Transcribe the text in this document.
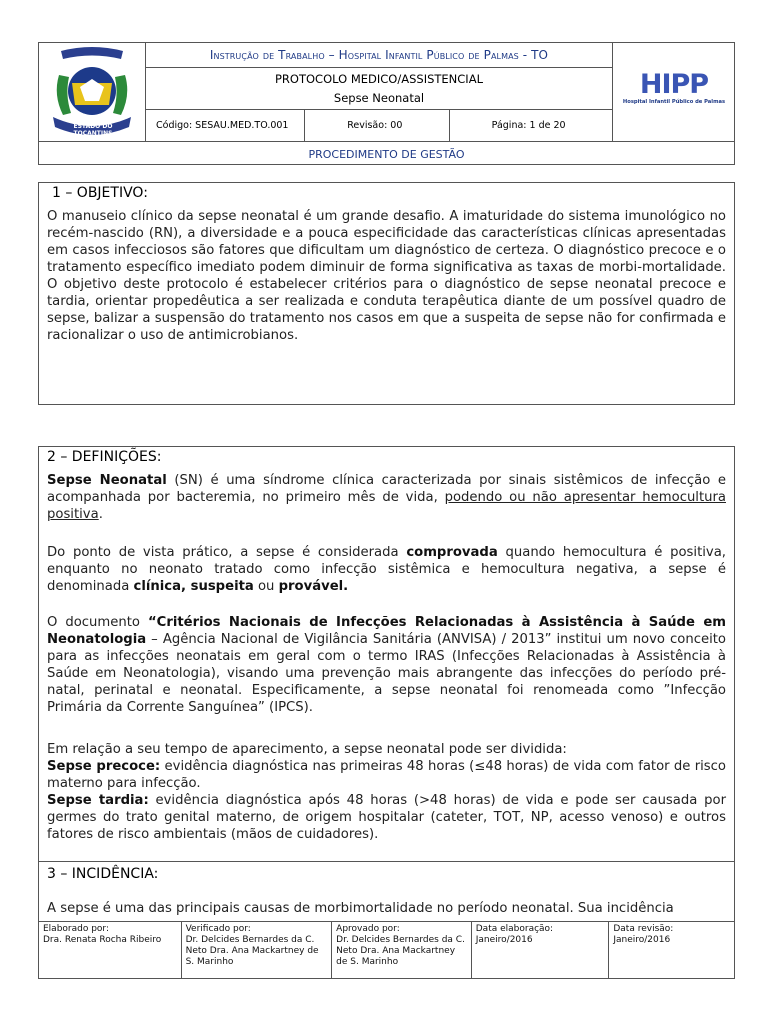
ESTADO DO TOCANTINS
Instrução de Trabalho – Hospital Infantil Público de Palmas - TO
PROTOCOLO MEDICO/ASSISTENCIAL
Sepse Neonatal
Código: SESAU.MED.TO.001	Revisão: 00	Página: 1 de 20
HIPP
Hospital Infantil Público de Palmas
PROCEDIMENTO DE GESTÃO
1 – OBJETIVO:

O manuseio clínico da sepse neonatal é um grande desafio. A imaturidade do sistema imunológico no recém-nascido (RN), a diversidade e a pouca especificidade das características clínicas apresentadas em casos infecciosos são fatores que dificultam um diagnóstico de certeza. O diagnóstico precoce e o tratamento específico imediato podem diminuir de forma significativa as taxas de morbi-mortalidade. O objetivo deste protocolo é estabelecer critérios para o diagnóstico de sepse neonatal precoce e tardia, orientar propedêutica a ser realizada e conduta terapêutica diante de um possível quadro de sepse, balizar a suspensão do tratamento nos casos em que a suspeita de sepse não for confirmada e racionalizar o uso de antimicrobianos.

2 – DEFINIÇÕES:

Sepse Neonatal (SN) é uma síndrome clínica caracterizada por sinais sistêmicos de infecção e acompanhada por bacteremia, no primeiro mês de vida, podendo ou não apresentar hemocultura positiva.

Do ponto de vista prático, a sepse é considerada comprovada quando hemocultura é positiva, enquanto no neonato tratado como infecção sistêmica e hemocultura negativa, a sepse é denominada clínica, suspeita ou provável.

O documento “Critérios Nacionais de Infecções Relacionadas à Assistência à Saúde em Neonatologia – Agência Nacional de Vigilância Sanitária (ANVISA) / 2013” institui um novo conceito para as infecções neonatais em geral com o termo IRAS (Infecções Relacionadas à Assistência à Saúde em Neonatologia), visando uma prevenção mais abrangente das infecções do período pré-natal, perinatal e neonatal. Especificamente, a sepse neonatal foi renomeada como ”Infecção Primária da Corrente Sanguínea” (IPCS).

Em relação a seu tempo de aparecimento, a sepse neonatal pode ser dividida:
Sepse precoce: evidência diagnóstica nas primeiras 48 horas (≤48 horas) de vida com fator de risco materno para infecção.
Sepse tardia: evidência diagnóstica após 48 horas (>48 horas) de vida e pode ser causada por germes do trato genital materno, de origem hospitalar (cateter, TOT, NP, acesso venoso) e outros fatores de risco ambientais (mãos de cuidadores).

3 – INCIDÊNCIA:

A sepse é uma das principais causas de morbimortalidade no período neonatal. Sua incidência

Elaborado por:
Dra. Renata Rocha Ribeiro
Verificado por:
Dr. Delcides Bernardes da C. Neto Dra. Ana Mackartney de S. Marinho
Aprovado por:
Dr. Delcides Bernardes da C. Neto Dra. Ana Mackartney de S. Marinho
Data elaboração:
Janeiro/2016
Data revisão:
Janeiro/2016
